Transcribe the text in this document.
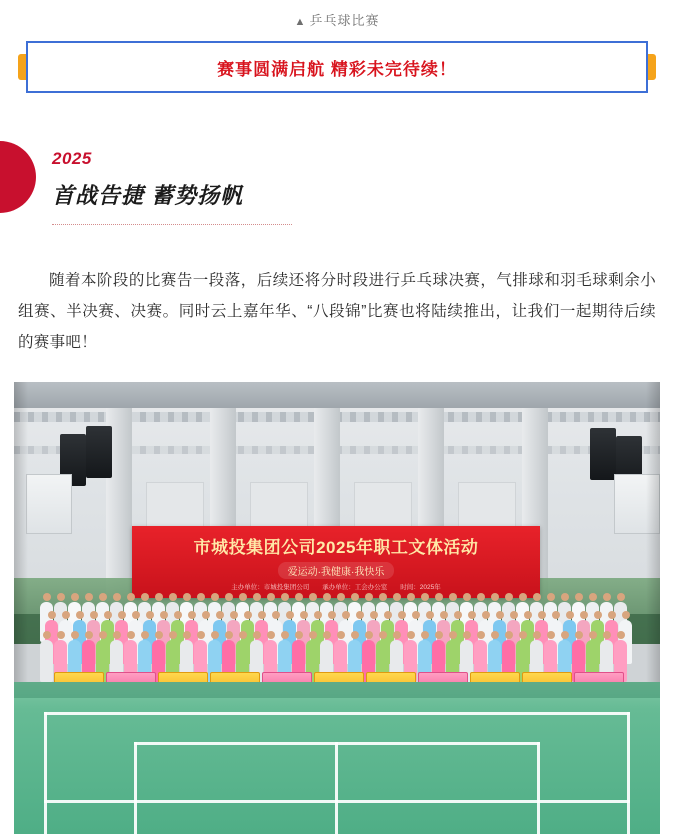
▲ 乒乓球比赛
赛事圆满启航 精彩未完待续！
2025
首战告捷 蓄势扬帆

随着本阶段的比赛告一段落，后续还将分时段进行乒乓球决赛，气排球和羽毛球剩余小组赛、半决赛、决赛。同时云上嘉年华、“八段锦”比赛也将陆续推出，让我们一起期待后续的赛事吧！

市城投集团公司2025年职工文体活动
爱运动·我健康·我快乐
主办单位：市城投集团公司　　承办单位：工会办公室　　时间：2025年
